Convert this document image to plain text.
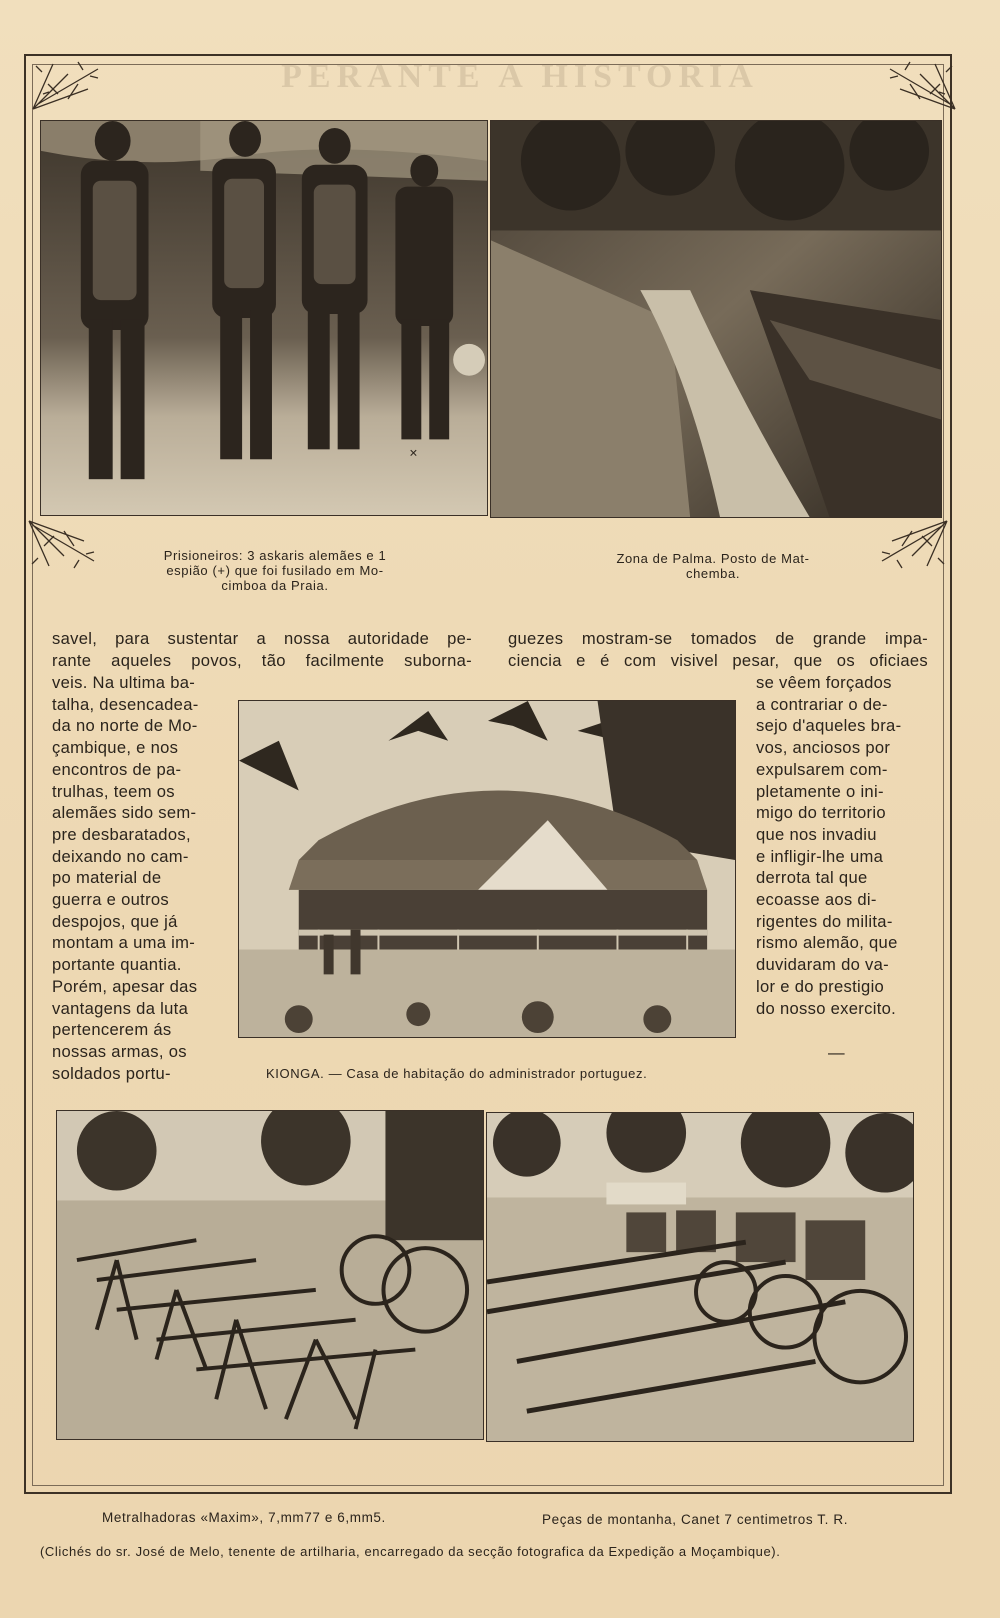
PERANTE A HISTORIA
×
Prisioneiros: 3 askaris alemães e 1
espião (+) que foi fusilado em Mo-
cimboa da Praia.
Zona de Palma. Posto de Mat-
chemba.
savel, para sustentar a nossa autoridade pe-
rante aqueles povos, tão facilmente suborna-
guezes mostram-se tomados de grande impa-
ciencia e é com visivel pesar, que os oficiaes
veis. Na ultima ba-
talha, desencadea-
da no norte de Mo-
çambique, e nos
encontros de pa-
trulhas, teem os
alemães sido sem-
pre desbaratados,
deixando no cam-
po material de
guerra e outros
despojos, que já
montam a uma im-
portante quantia.
Porém, apesar das
vantagens da luta
pertencerem ás
nossas armas, os
soldados portu-
se vêem forçados
a contrariar o de-
sejo d'aqueles bra-
vos, anciosos por
expulsarem com-
pletamente o ini-
migo do territorio
que nos invadiu
e infligir-lhe uma
derrota tal que
ecoasse aos di-
rigentes do milita-
rismo alemão, que
duvidaram do va-
lor e do prestigio
do nosso exercito.
—
KIONGA. — Casa de habitação do administrador portuguez.
Metralhadoras «Maxim», 7,mm77 e 6,mm5.	Peças de montanha, Canet 7 centimetros T. R.
(Clichés do sr. José de Melo, tenente de artilharia, encarregado da secção fotografica da Expedição a Moçambique).
